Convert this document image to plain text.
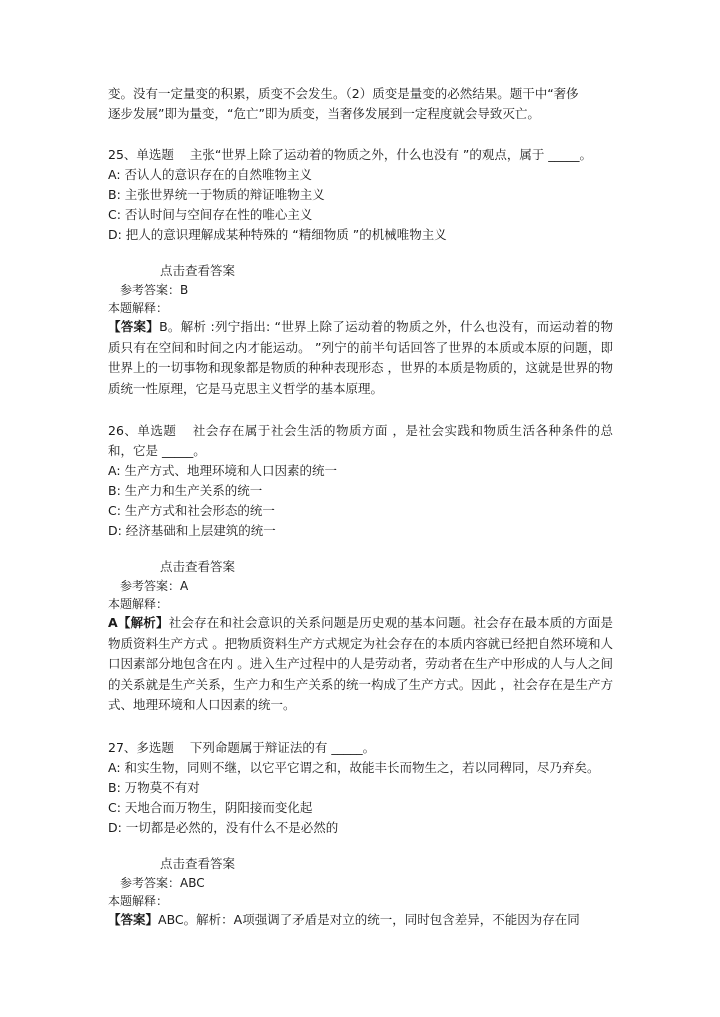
变。没有一定量变的积累，质变不会发生。（2）质变是量变的必然结果。题干中“奢侈
逐步发展”即为量变，“危亡”即为质变，当奢侈发展到一定程度就会导致灭亡。
25、单选题 主张“世界上除了运动着的物质之外，什么也没有 ”的观点，属于 _____。
A: 否认人的意识存在的自然唯物主义
B: 主张世界统一于物质的辩证唯物主义
C: 否认时间与空间存在性的唯心主义
D: 把人的意识理解成某种特殊的 “精细物质 ”的机械唯物主义
点击查看答案
参考答案：B
本题解释：
【答案】B。解析 :列宁指出: “世界上除了运动着的物质之外，什么也没有，而运动着的物质只有在空间和时间之内才能运动。 ”列宁的前半句话回答了世界的本质或本原的问题，即世界上的一切事物和现象都是物质的种种表现形态 ，世界的本质是物质的，这就是世界的物质统一性原理，它是马克思主义哲学的基本原理。
26、单选题 社会存在属于社会生活的物质方面 ，是社会实践和物质生活各种条件的总和，它是 _____。
A: 生产方式、地理环境和人口因素的统一
B: 生产力和生产关系的统一
C: 生产方式和社会形态的统一
D: 经济基础和上层建筑的统一
点击查看答案
参考答案：A
本题解释：
A【解析】社会存在和社会意识的关系问题是历史观的基本问题。社会存在最本质的方面是物质资料生产方式 。把物质资料生产方式规定为社会存在的本质内容就已经把自然环境和人口因素部分地包含在内 。进入生产过程中的人是劳动者，劳动者在生产中形成的人与人之间的关系就是生产关系，生产力和生产关系的统一构成了生产方式。因此 ，社会存在是生产方式、地理环境和人口因素的统一。
27、多选题 下列命题属于辩证法的有 _____。
A: 和实生物，同则不继，以它平它谓之和，故能丰长而物生之，若以同稗同，尽乃弃矣。
B: 万物莫不有对
C: 天地合而万物生，阴阳接而变化起
D: 一切都是必然的，没有什么不是必然的
点击查看答案
参考答案：ABC
本题解释：
【答案】ABC。解析：A项强调了矛盾是对立的统一，同时包含差异，不能因为存在同
